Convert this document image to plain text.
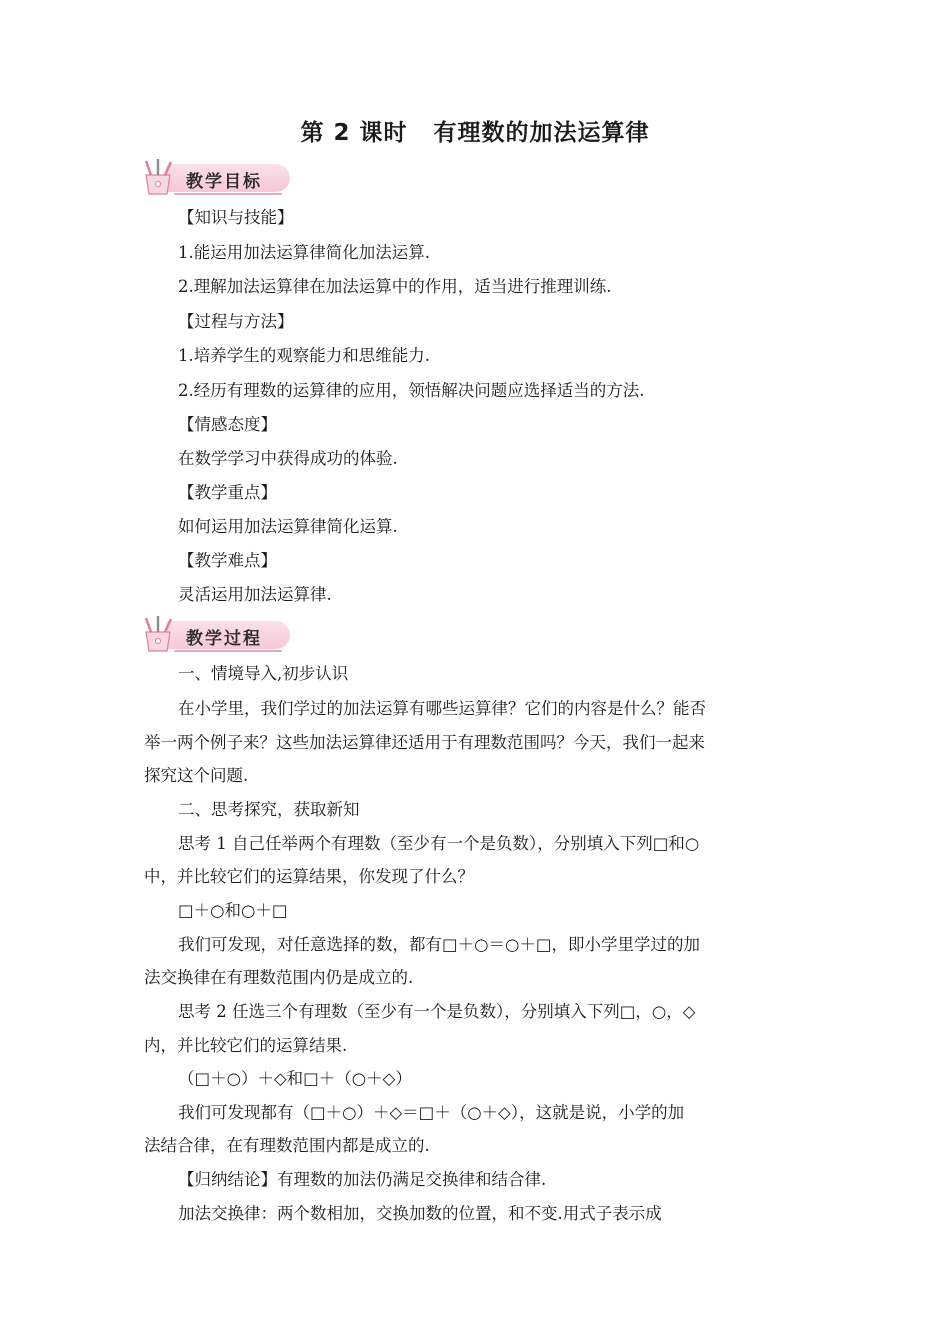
第 2 课时 有理数的加法运算律
教学目标
【知识与技能】
1.能运用加法运算律简化加法运算.
2.理解加法运算律在加法运算中的作用，适当进行推理训练.
【过程与方法】
1.培养学生的观察能力和思维能力.
2.经历有理数的运算律的应用，领悟解决问题应选择适当的方法.
【情感态度】
在数学学习中获得成功的体验.
【教学重点】
如何运用加法运算律简化运算.
【教学难点】
灵活运用加法运算律.
教学过程
一、情境导入,初步认识
在小学里，我们学过的加法运算有哪些运算律？它们的内容是什么？能否
举一两个例子来？这些加法运算律还适用于有理数范围吗？今天，我们一起来
探究这个问题.
二、思考探究，获取新知
思考 1 自己任举两个有理数（至少有一个是负数），分别填入下列□和○
中，并比较它们的运算结果，你发现了什么？
□＋○和○＋□
我们可发现，对任意选择的数，都有□＋○＝○＋□，即小学里学过的加
法交换律在有理数范围内仍是成立的.
思考 2 任选三个有理数（至少有一个是负数），分别填入下列□，○，◇
内，并比较它们的运算结果.
（□＋○）＋◇和□＋（○＋◇）
我们可发现都有（□＋○）＋◇＝□＋（○＋◇），这就是说，小学的加
法结合律，在有理数范围内都是成立的.
【归纳结论】有理数的加法仍满足交换律和结合律.
加法交换律：两个数相加，交换加数的位置，和不变.用式子表示成
